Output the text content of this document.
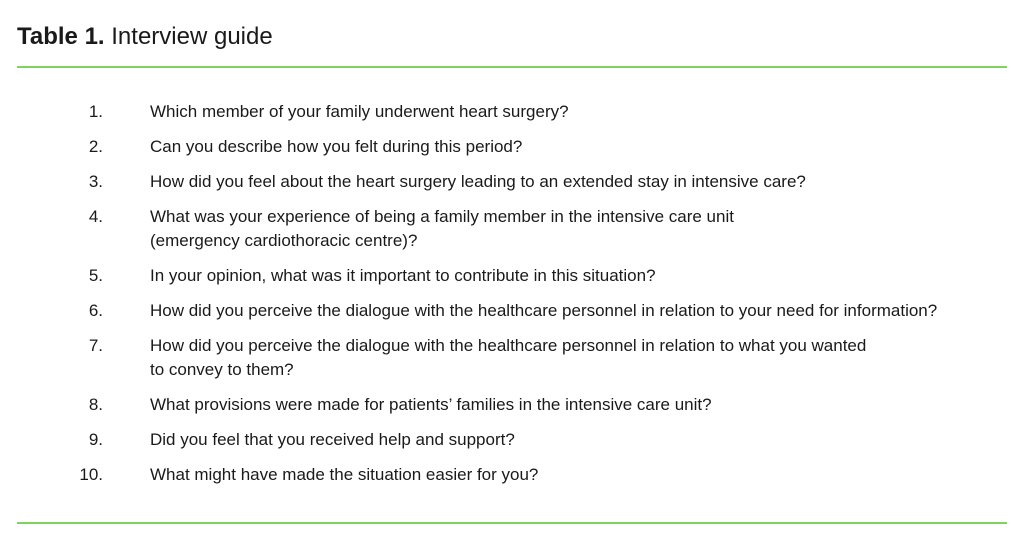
Table 1. Interview guide
1.	Which member of your family underwent heart surgery?
2.	Can you describe how you felt during this period?
3.	How did you feel about the heart surgery leading to an extended stay in intensive care?
4.	What was your experience of being a family member in the intensive care unit
(emergency cardiothoracic centre)?
5.	In your opinion, what was it important to contribute in this situation?
6.	How did you perceive the dialogue with the healthcare personnel in relation to your need for information?
7.	How did you perceive the dialogue with the healthcare personnel in relation to what you wanted
to convey to them?
8.	What provisions were made for patients’ families in the intensive care unit?
9.	Did you feel that you received help and support?
10.	What might have made the situation easier for you?
